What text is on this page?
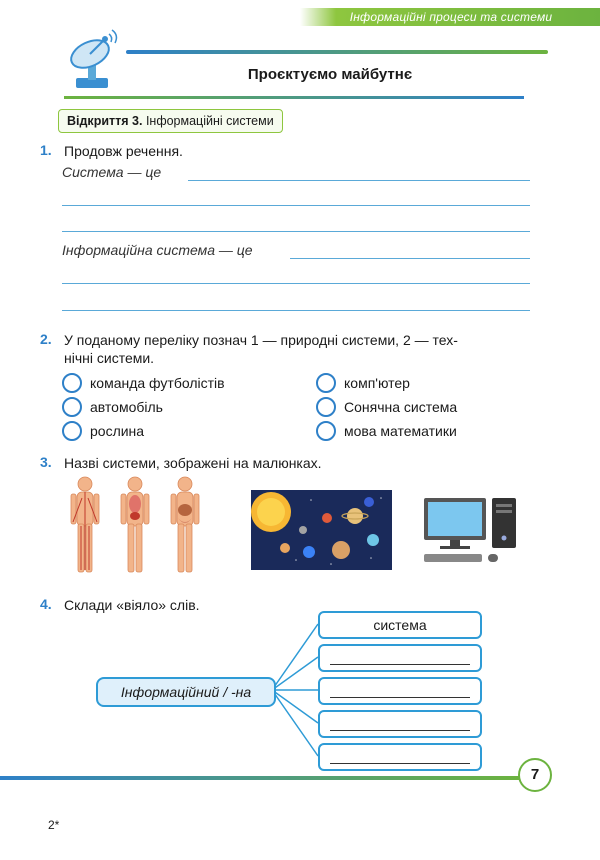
Інформаційні процеси та системи
Проєктуємо майбутнє
Відкриття 3. Інформаційні системи
1. Продовж речення.
Система — це
Інформаційна система — це
2. У поданому переліку познач 1 — природні системи, 2 — тех-
нічні системи.
команда футболістів
автомобіль
рослина
комп'ютер
Сонячна система
мова математики
3. Назві системи, зображені на малюнках.
4. Склади «віяло» слів.
Інформаційний / -на
система
7
2*
